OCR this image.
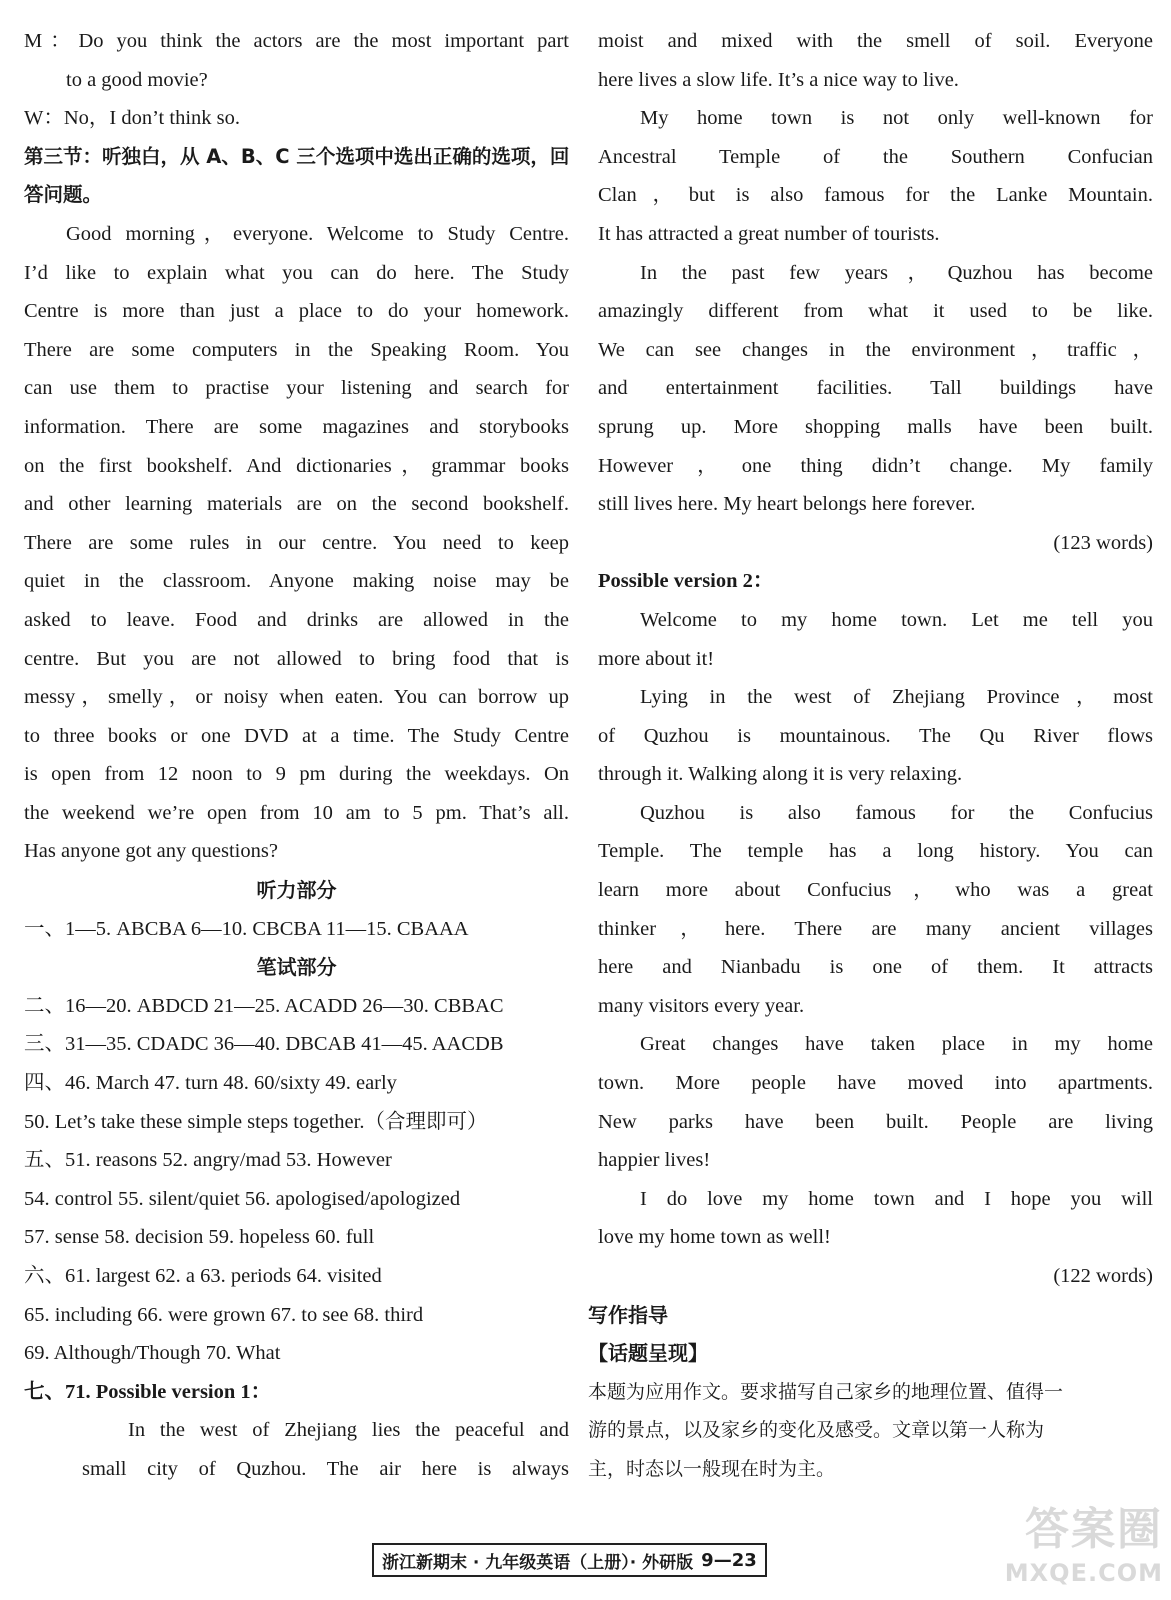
M：Do you think the actors are the most important part
to a good movie?
W：No，I don’t think so.
第三节：听独白，从 A、B、C 三个选项中选出正确的选项，回
答问题。
Good morning，everyone. Welcome to Study Centre.
I’d like to explain what you can do here. The Study
Centre is more than just a place to do your homework.
There are some computers in the Speaking Room. You
can use them to practise your listening and search for
information. There are some magazines and storybooks
on the first bookshelf. And dictionaries，grammar books
and other learning materials are on the second bookshelf.
There are some rules in our centre. You need to keep
quiet in the classroom. Anyone making noise may be
asked to leave. Food and drinks are allowed in the
centre. But you are not allowed to bring food that is
messy，smelly，or noisy when eaten. You can borrow up
to three books or one DVD at a time. The Study Centre
is open from 12 noon to 9 pm during the weekdays. On
the weekend we’re open from 10 am to 5 pm. That’s all.
Has anyone got any questions?
听力部分
一、1—5. ABCBA 6—10. CBCBA 11—15. CBAAA
笔试部分
二、16—20. ABDCD 21—25. ACADD 26—30. CBBAC
三、31—35. CDADC 36—40. DBCAB 41—45. AACDB
四、46. March 47. turn 48. 60/sixty 49. early
50. Let’s take these simple steps together.（合理即可）
五、51. reasons 52. angry/mad 53. However
54. control 55. silent/quiet 56. apologised/apologized
57. sense 58. decision 59. hopeless 60. full
六、61. largest 62. a 63. periods 64. visited
65. including 66. were grown 67. to see 68. third
69. Although/Though 70. What
七、71. Possible version 1：
In the west of Zhejiang lies the peaceful and
small city of Quzhou. The air here is always
moist and mixed with the smell of soil. Everyone
here lives a slow life. It’s a nice way to live.
My home town is not only well-known for
Ancestral Temple of the Southern Confucian
Clan，but is also famous for the Lanke Mountain.
It has attracted a great number of tourists.
In the past few years，Quzhou has become
amazingly different from what it used to be like.
We can see changes in the environment，traffic，
and entertainment facilities. Tall buildings have
sprung up. More shopping malls have been built.
However，one thing didn’t change. My family
still lives here. My heart belongs here forever.
(123 words)
Possible version 2：
Welcome to my home town. Let me tell you
more about it!
Lying in the west of Zhejiang Province，most
of Quzhou is mountainous. The Qu River flows
through it. Walking along it is very relaxing.
Quzhou is also famous for the Confucius
Temple. The temple has a long history. You can
learn more about Confucius，who was a great
thinker，here. There are many ancient villages
here and Nianbadu is one of them. It attracts
many visitors every year.
Great changes have taken place in my home
town. More people have moved into apartments.
New parks have been built. People are living
happier lives!
I do love my home town and I hope you will
love my home town as well!
(122 words)
写作指导
【话题呈现】
本题为应用作文。要求描写自己家乡的地理位置、值得一
游的景点，以及家乡的变化及感受。文章以第一人称为
主，时态以一般现在时为主。
浙江新期末 · 九年级英语（上册）· 外研版 9—23
答案圈
MXQE.COM
